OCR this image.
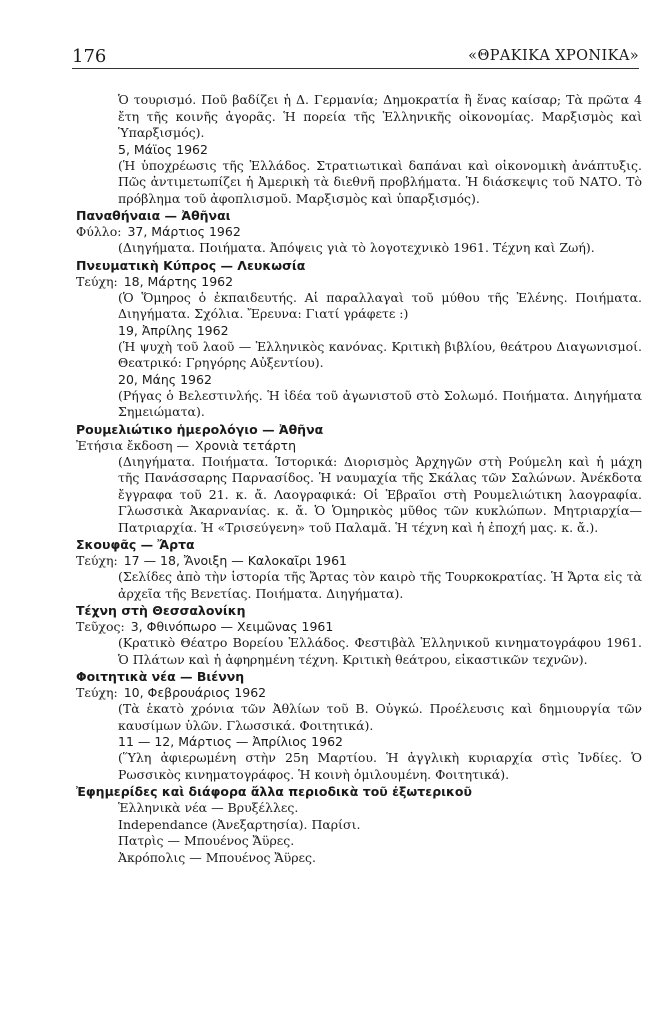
176	«ΘΡΑΚΙΚΑ ΧΡΟΝΙΚΑ»
Ὁ τουρισμό. Ποῦ βαδίζει ἡ Δ. Γερμανία; Δημοκρατία ἢ ἕνας καίσαρ; Τὰ πρῶτα 4 ἔτη τῆς κοινῆς ἀγορᾶς. Ἡ πορεία τῆς Ἑλληνικῆς οἰκονομίας. Μαρξισμὸς καὶ Ὑπαρξισμός).
5, Μάϊος 1962
(Ἡ ὑποχρέωσις τῆς Ἑλλάδος. Στρατιωτικαὶ δαπάναι καὶ οἰκονομικὴ ἀνάπτυξις. Πῶς ἀντιμετωπίζει ἡ Ἀμερικὴ τὰ διεθνῆ προβλήματα. Ἡ διάσκεψις τοῦ ΝΑΤΟ. Τὸ πρόβλημα τοῦ ἀφοπλισμοῦ. Μαρξισμὸς καὶ ὑπαρξισμός).
Παναθήναια — Ἀθῆναι
Φύλλο: 37, Μάρτιος 1962
(Διηγήματα. Ποιήματα. Ἀπόψεις γιὰ τὸ λογοτεχνικὸ 1961. Τέχνη καὶ Ζωή).
Πνευματικὴ Κύπρος — Λευκωσία
Τεύχη: 18, Μάρτης 1962
(Ὁ Ὅμηρος ὁ ἐκπαιδευτής. Αἱ παραλλαγαὶ τοῦ μύθου τῆς Ἑλένης. Ποιήματα. Διηγήματα. Σχόλια. Ἔρευνα: Γιατί γράφετε :)
19, Ἀπρίλης 1962
(Ἡ ψυχὴ τοῦ λαοῦ — Ἑλληνικὸς κανόνας. Κριτικὴ βιβλίου, θεάτρου Διαγωνισμοί. Θεατρικό: Γρηγόρης Αὐξεντίου).
20, Μάης 1962
(Ρήγας ὁ Βελεστινλής. Ἡ ἰδέα τοῦ ἀγωνιστοῦ στὸ Σολωμό. Ποιήματα. Διηγήματα Σημειώματα).
Ρουμελιώτικο ἡμερολόγιο — Ἀθῆνα
Ἐτήσια ἔκδοση — Χρονιὰ τετάρτη
(Διηγήματα. Ποιήματα. Ἱστορικά: Διορισμὸς Ἀρχηγῶν στὴ Ρούμελη καὶ ἡ μάχη τῆς Πανάσσαρης Παρνασίδος. Ἡ ναυμαχία τῆς Σκάλας τῶν Σαλώνων. Ἀνέκδοτα ἔγγραφα τοῦ 21. κ. ἄ. Λαογραφικά: Οἱ Ἑβραῖοι στὴ Ρουμελιώτικη λαογραφία. Γλωσσικὰ Ἀκαρνανίας. κ. ἄ. Ὁ Ὁμηρικὸς μῦθος τῶν κυκλώπων. Μητριαρχία—Πατριαρχία. Ἡ «Τρισεύγενη» τοῦ Παλαμᾶ. Ἡ τέχνη καὶ ἡ ἐποχή μας. κ. ἄ.).
Σκουφᾶς — Ἄρτα
Τεύχη: 17 — 18, Ἄνοιξη — Καλοκαῖρι 1961
(Σελίδες ἀπὸ τὴν ἱστορία τῆς Ἄρτας τὸν καιρὸ τῆς Τουρκοκρατίας. Ἡ Ἄρτα εἰς τὰ ἀρχεῖα τῆς Βενετίας. Ποιήματα. Διηγήματα).
Τέχνη στὴ Θεσσαλονίκη
Τεῦχος: 3, Φθινόπωρο — Χειμῶνας 1961
(Κρατικὸ Θέατρο Βορείου Ἑλλάδος. Φεστιβὰλ Ἑλληνικοῦ κινηματογράφου 1961. Ὁ Πλάτων καὶ ἡ ἀφηρημένη τέχνη. Κριτικὴ θεάτρου, εἰκαστικῶν τεχνῶν).
Φοιτητικὰ νέα — Βιέννη
Τεύχη: 10, Φεβρουάριος 1962
(Τὰ ἑκατὸ χρόνια τῶν Ἀθλίων τοῦ Β. Οὐγκώ. Προέλευσις καὶ δημιουργία τῶν καυσίμων ὑλῶν. Γλωσσικά. Φοιτητικά).
11 — 12, Μάρτιος — Ἀπρίλιος 1962
(Ὕλη ἀφιερωμένη στὴν 25η Μαρτίου. Ἡ ἀγγλικὴ κυριαρχία στὶς Ἰνδίες. Ὁ Ρωσσικὸς κινηματογράφος. Ἡ κοινὴ ὁμιλουμένη. Φοιτητικά).
Ἐφημερίδες καὶ διάφορα ἄλλα περιοδικὰ τοῦ ἐξωτερικοῦ
Ἑλληνικὰ νέα — Βρυξέλλες.
Independance (Ἀνεξαρτησία). Παρίσι.
Πατρὶς — Μπουένος Ἄϋρες.
Ἀκρόπολις — Μπουένος Ἄϋρες.
